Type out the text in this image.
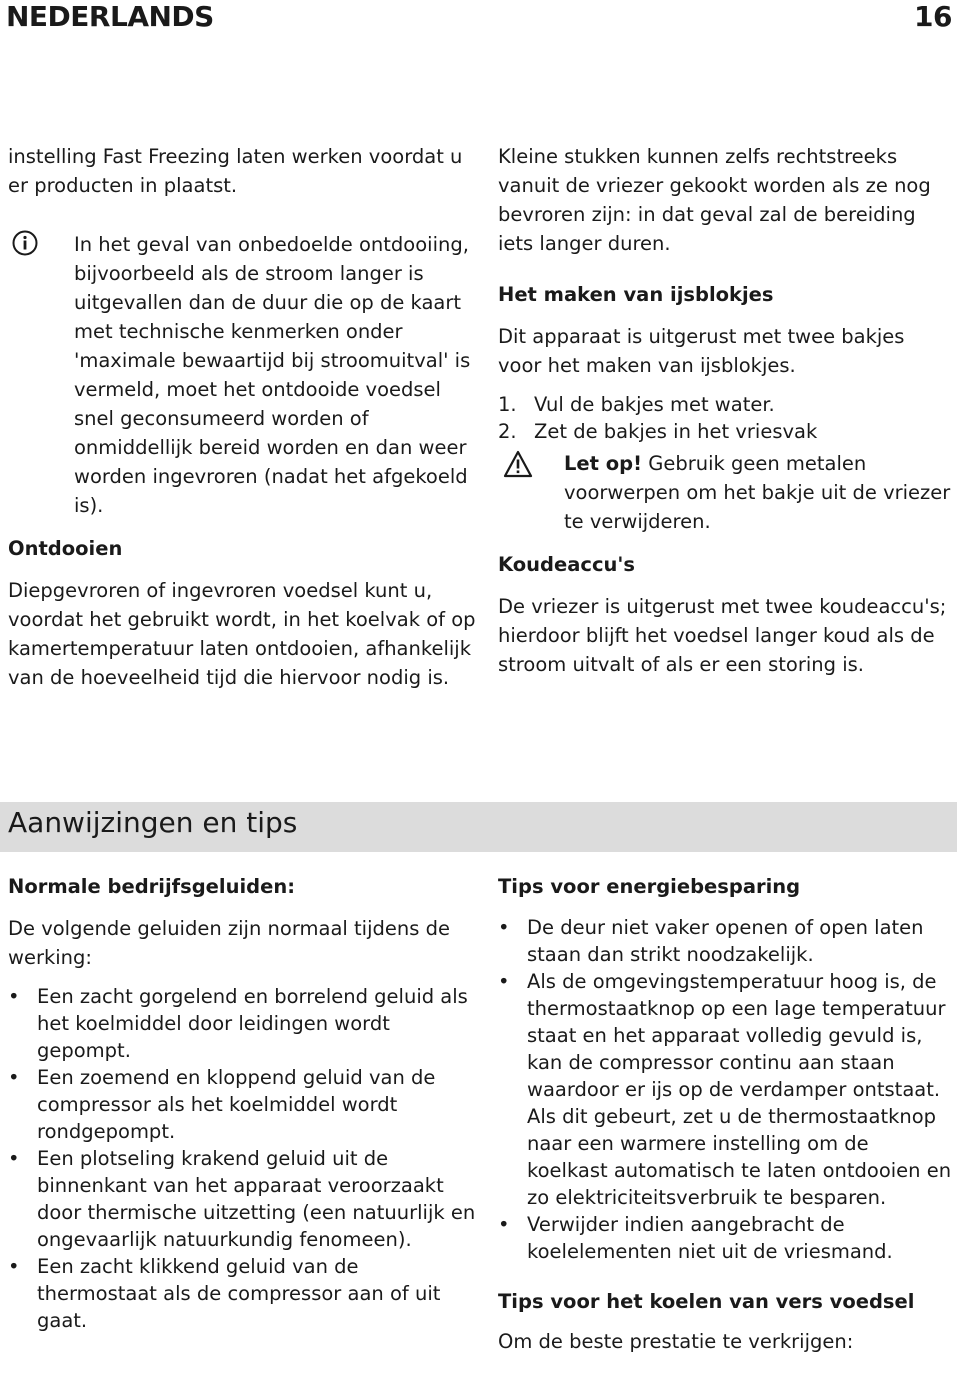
NEDERLANDS	16

instelling Fast Freezing laten werken voordat u er producten in plaatst.

In het geval van onbedoelde ontdooiing, bijvoorbeeld als de stroom langer is uitgevallen dan de duur die op de kaart met technische kenmerken onder 'maximale bewaartijd bij stroomuitval' is vermeld, moet het ontdooide voedsel snel geconsumeerd worden of onmiddellijk bereid worden en dan weer worden ingevroren (nadat het afgekoeld is).

Ontdooien

Diepgevroren of ingevroren voedsel kunt u, voordat het gebruikt wordt, in het koelvak of op kamertemperatuur laten ontdooien, afhankelijk van de hoeveelheid tijd die hiervoor nodig is.

Kleine stukken kunnen zelfs rechtstreeks vanuit de vriezer gekookt worden als ze nog bevroren zijn: in dat geval zal de bereiding iets langer duren.

Het maken van ijsblokjes

Dit apparaat is uitgerust met twee bakjes voor het maken van ijsblokjes.

1. Vul de bakjes met water.
2. Zet de bakjes in het vriesvak

Let op! Gebruik geen metalen voorwerpen om het bakje uit de vriezer te verwijderen.

Koudeaccu's

De vriezer is uitgerust met twee koudeaccu's; hierdoor blijft het voedsel langer koud als de stroom uitvalt of als er een storing is.

Aanwijzingen en tips
Normale bedrijfsgeluiden:

De volgende geluiden zijn normaal tijdens de werking:

• Een zacht gorgelend en borrelend geluid als het koelmiddel door leidingen wordt gepompt.
• Een zoemend en kloppend geluid van de compressor als het koelmiddel wordt rondgepompt.
• Een plotseling krakend geluid uit de binnenkant van het apparaat veroorzaakt door thermische uitzetting (een natuurlijk en ongevaarlijk natuurkundig fenomeen).
• Een zacht klikkend geluid van de thermostaat als de compressor aan of uit gaat.
Tips voor energiebesparing
• De deur niet vaker openen of open laten staan dan strikt noodzakelijk.
• Als de omgevingstemperatuur hoog is, de thermostaatknop op een lage temperatuur staat en het apparaat volledig gevuld is, kan de compressor continu aan staan waardoor er ijs op de verdamper ontstaat. Als dit gebeurt, zet u de thermostaatknop naar een warmere instelling om de koelkast automatisch te laten ontdooien en zo elektriciteitsverbruik te besparen.
• Verwijder indien aangebracht de koelelementen niet uit de vriesmand.
Tips voor het koelen van vers voedsel

Om de beste prestatie te verkrijgen:
